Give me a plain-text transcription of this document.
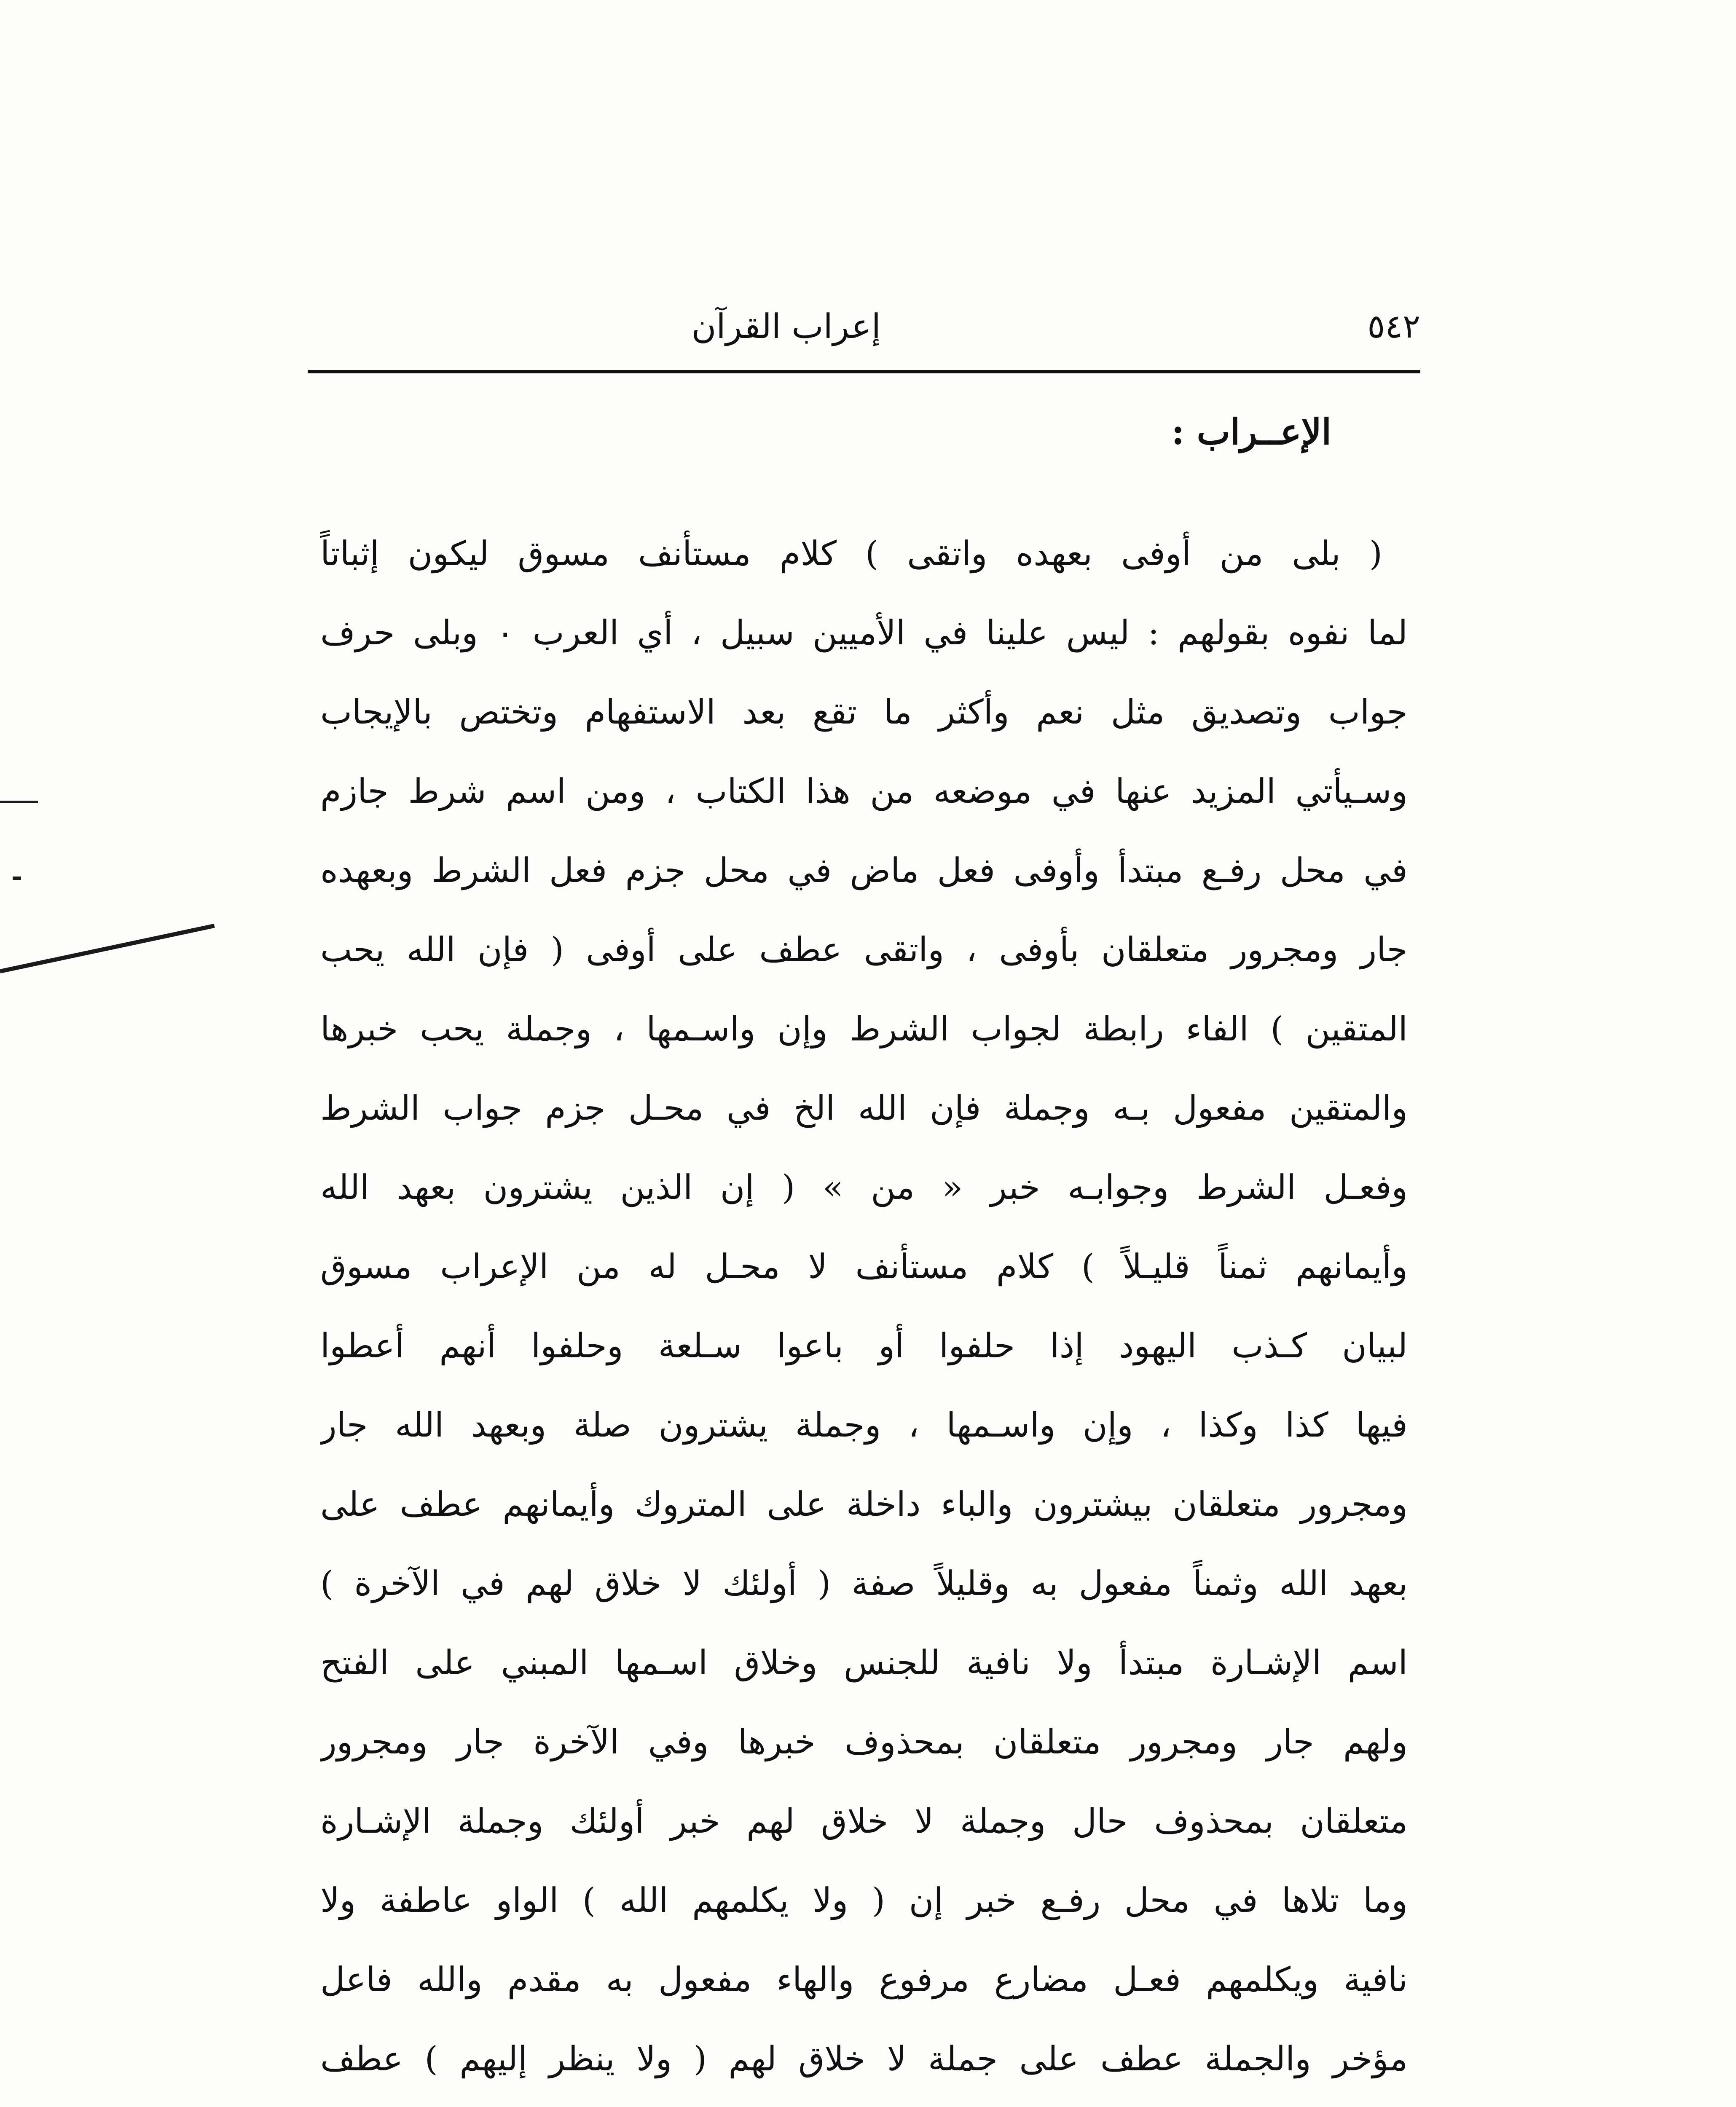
٥٤٢
إعراب القرآن
الإعــراب :
( بلى من أوفى بعهده واتقى ) كلام مستأنف مسوق ليكون إثباتاً
لما نفوه بقولهم : ليس علينا في الأميين سبيل ، أي العرب ٠ وبلى حرف
جواب وتصديق مثل نعم وأكثر ما تقع بعد الاستفهام وتختص بالإيجاب
وسـيأتي المزيد عنها في موضعه من هذا الكتاب ، ومن اسم شرط جازم
في محل رفـع مبتدأ وأوفى فعل ماض في محل جزم فعل الشرط وبعهده
جار ومجرور متعلقان بأوفى ، واتقى عطف على أوفى ( فإن الله يحب
المتقين ) الفاء رابطة لجواب الشرط وإن واسـمها ، وجملة يحب خبرها
والمتقين مفعول بـه وجملة فإن الله الخ في محـل جزم جواب الشرط
وفعـل الشرط وجوابـه خبر « من » ( إن الذين يشترون بعهد الله
وأيمانهم ثمناً قليـلاً ) كلام مستأنف لا محـل له من الإعراب مسوق
لبيان كـذب اليهود إذا حلفوا أو باعوا سـلعة وحلفوا أنهم أعطوا
فيها كذا وكذا ، وإن واسـمها ، وجملة يشترون صلة وبعهد الله جار
ومجرور متعلقان بيشترون والباء داخلة على المتروك وأيمانهم عطف على
بعهد الله وثمناً مفعول به وقليلاً صفة ( أولئك لا خلاق لهم في الآخرة )
اسم الإشـارة مبتدأ ولا نافية للجنس وخلاق اسـمها المبني على الفتح
ولهم جار ومجرور متعلقان بمحذوف خبرها وفي الآخرة جار ومجرور
متعلقان بمحذوف حال وجملة لا خلاق لهم خبر أولئك وجملة الإشـارة
وما تلاها في محل رفـع خبر إن ( ولا يكلمهم الله ) الواو عاطفة ولا
نافية ويكلمهم فعـل مضارع مرفوع والهاء مفعول به مقدم والله فاعل
مؤخر والجملة عطف على جملة لا خلاق لهم ( ولا ينظر إليهم ) عطف
